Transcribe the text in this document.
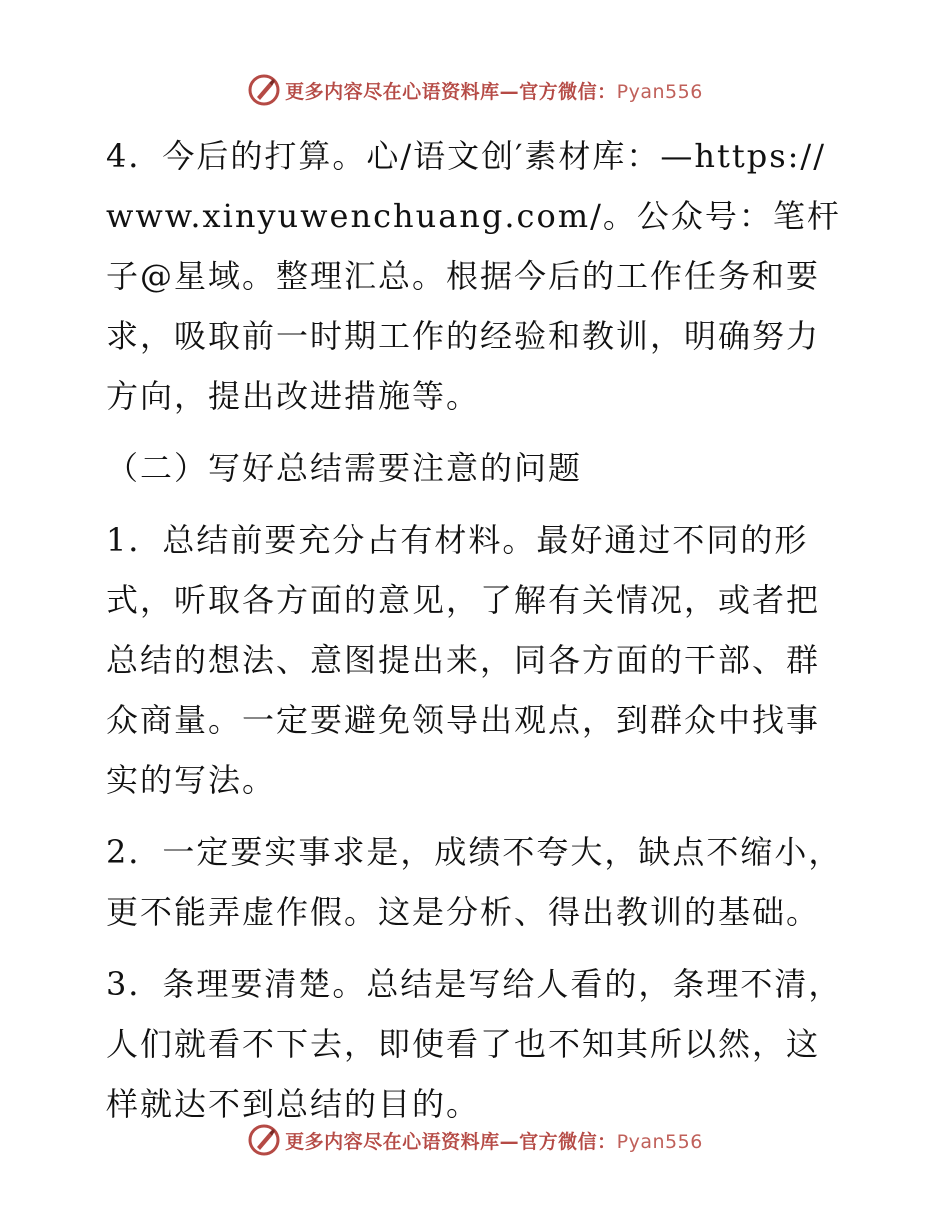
更多内容尽在心语资料库—官方微信：Pyan556

4．今后的打算。心/语文创′素材库：—https://www.xinyuwenchuang.com/。公众号：笔杆子@星域。整理汇总。根据今后的工作任务和要求，吸取前一时期工作的经验和教训，明确努力方向，提出改进措施等。

（二）写好总结需要注意的问题

1．总结前要充分占有材料。最好通过不同的形式，听取各方面的意见，了解有关情况，或者把总结的想法、意图提出来，同各方面的干部、群众商量。一定要避免领导出观点，到群众中找事实的写法。

2．一定要实事求是，成绩不夸大，缺点不缩小，更不能弄虚作假。这是分析、得出教训的基础。

3．条理要清楚。总结是写给人看的，条理不清，人们就看不下去，即使看了也不知其所以然，这样就达不到总结的目的。

更多内容尽在心语资料库—官方微信：Pyan556
